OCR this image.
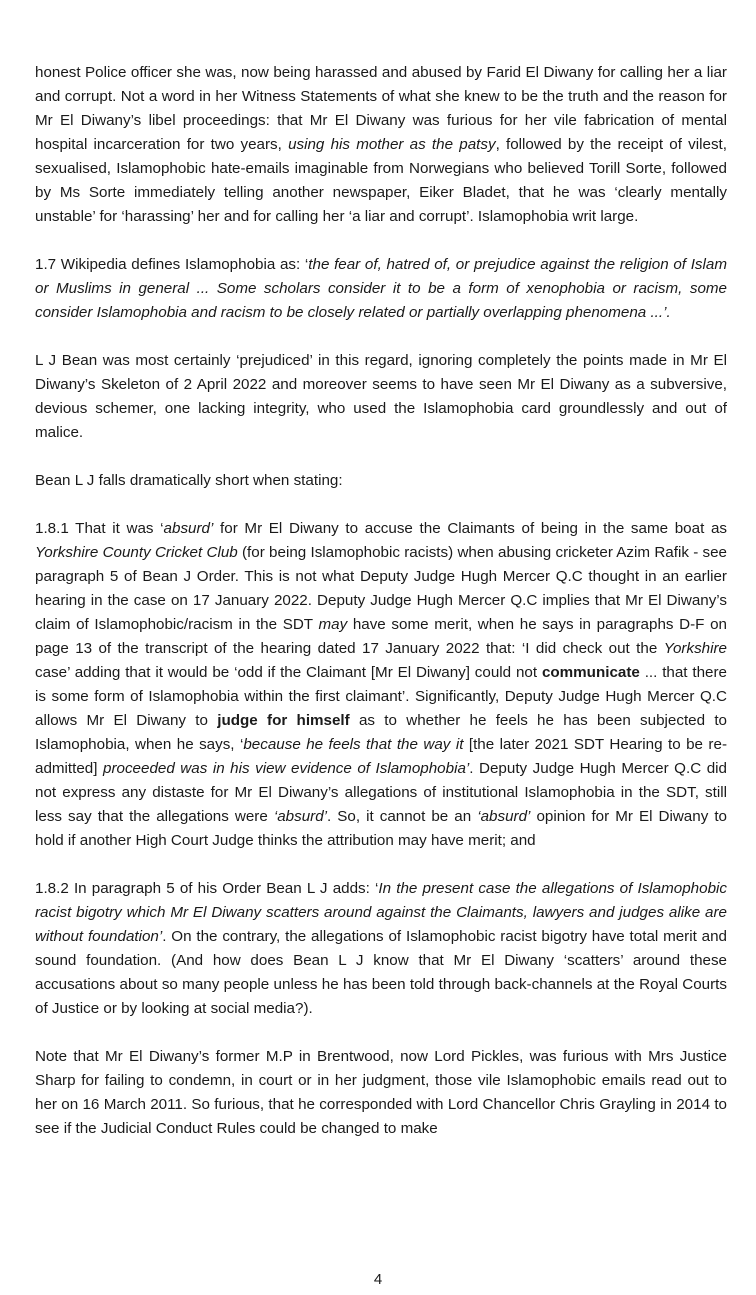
honest Police officer she was, now being harassed and abused by Farid El Diwany for calling her a liar and corrupt. Not a word in her Witness Statements of what she knew to be the truth and the reason for Mr El Diwany’s libel proceedings: that Mr El Diwany was furious for her vile fabrication of mental hospital incarceration for two years, using his mother as the patsy, followed by the receipt of vilest, sexualised, Islamophobic hate-emails imaginable from Norwegians who believed Torill Sorte, followed by Ms Sorte immediately telling another newspaper, Eiker Bladet, that he was ‘clearly mentally unstable’ for ‘harassing’ her and for calling her ‘a liar and corrupt’. Islamophobia writ large.

1.7 Wikipedia defines Islamophobia as: ‘the fear of, hatred of, or prejudice against the religion of Islam or Muslims in general ... Some scholars consider it to be a form of xenophobia or racism, some consider Islamophobia and racism to be closely related or partially overlapping phenomena ...’.

L J Bean was most certainly ‘prejudiced’ in this regard, ignoring completely the points made in Mr El Diwany’s Skeleton of 2 April 2022 and moreover seems to have seen Mr El Diwany as a subversive, devious schemer, one lacking integrity, who used the Islamophobia card groundlessly and out of malice.

Bean L J falls dramatically short when stating:

1.8.1 That it was ‘absurd’ for Mr El Diwany to accuse the Claimants of being in the same boat as Yorkshire County Cricket Club (for being Islamophobic racists) when abusing cricketer Azim Rafik - see paragraph 5 of Bean J Order. This is not what Deputy Judge Hugh Mercer Q.C thought in an earlier hearing in the case on 17 January 2022. Deputy Judge Hugh Mercer Q.C implies that Mr El Diwany’s claim of Islamophobic/racism in the SDT may have some merit, when he says in paragraphs D-F on page 13 of the transcript of the hearing dated 17 January 2022 that: ‘I did check out the Yorkshire case’ adding that it would be ‘odd if the Claimant [Mr El Diwany] could not communicate ... that there is some form of Islamophobia within the first claimant’. Significantly, Deputy Judge Hugh Mercer Q.C allows Mr El Diwany to judge for himself as to whether he feels he has been subjected to Islamophobia, when he says, ‘because he feels that the way it [the later 2021 SDT Hearing to be re-admitted] proceeded was in his view evidence of Islamophobia’. Deputy Judge Hugh Mercer Q.C did not express any distaste for Mr El Diwany’s allegations of institutional Islamophobia in the SDT, still less say that the allegations were ‘absurd’. So, it cannot be an ‘absurd’ opinion for Mr El Diwany to hold if another High Court Judge thinks the attribution may have merit; and

1.8.2 In paragraph 5 of his Order Bean L J adds: ‘In the present case the allegations of Islamophobic racist bigotry which Mr El Diwany scatters around against the Claimants, lawyers and judges alike are without foundation’. On the contrary, the allegations of Islamophobic racist bigotry have total merit and sound foundation. (And how does Bean L J know that Mr El Diwany ‘scatters’ around these accusations about so many people unless he has been told through back-channels at the Royal Courts of Justice or by looking at social media?).

Note that Mr El Diwany’s former M.P in Brentwood, now Lord Pickles, was furious with Mrs Justice Sharp for failing to condemn, in court or in her judgment, those vile Islamophobic emails read out to her on 16 March 2011. So furious, that he corresponded with Lord Chancellor Chris Grayling in 2014 to see if the Judicial Conduct Rules could be changed to make

4
